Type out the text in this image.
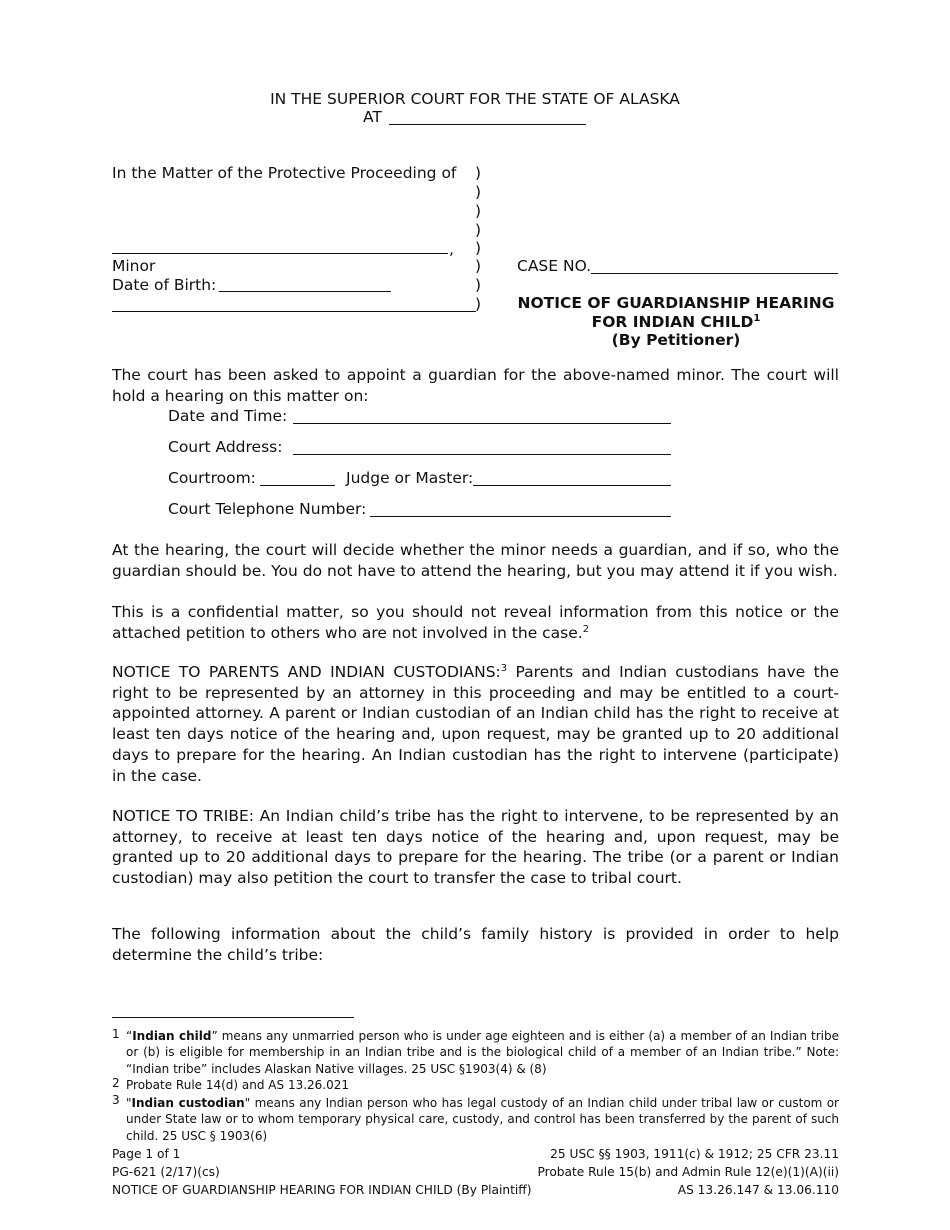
IN THE SUPERIOR COURT FOR THE STATE OF ALASKA
AT
In the Matter of the Protective Proceeding of
,
Minor
Date of Birth:
)
)
)
)
)
)
)
)
CASE NO.
NOTICE OF GUARDIANSHIP HEARING
FOR INDIAN CHILD$^1$
(By Petitioner)
The court has been asked to appoint a guardian for the above-named minor. The court will hold a hearing on this matter on:
Date and Time:
Court Address:
Courtroom:	Judge or Master:
Court Telephone Number:
At the hearing, the court will decide whether the minor needs a guardian, and if so, who the guardian should be. You do not have to attend the hearing, but you may attend it if you wish.
This is a confidential matter, so you should not reveal information from this notice or the attached petition to others who are not involved in the case.$^2$
NOTICE TO PARENTS AND INDIAN CUSTODIANS:$^3$ Parents and Indian custodians have the right to be represented by an attorney in this proceeding and may be entitled to a court-appointed attorney. A parent or Indian custodian of an Indian child has the right to receive at least ten days notice of the hearing and, upon request, may be granted up to 20 additional days to prepare for the hearing. An Indian custodian has the right to intervene (participate) in the case.
NOTICE TO TRIBE: An Indian child’s tribe has the right to intervene, to be represented by an attorney, to receive at least ten days notice of the hearing and, upon request, may be granted up to 20 additional days to prepare for the hearing. The tribe (or a parent or Indian custodian) may also petition the court to transfer the case to tribal court.
The following information about the child’s family history is provided in order to help determine the child’s tribe:
1 “Indian child” means any unmarried person who is under age eighteen and is either (a) a member of an Indian tribe or (b) is eligible for membership in an Indian tribe and is the biological child of a member of an Indian tribe.” Note: “Indian tribe” includes Alaskan Native villages. 25 USC §1903(4) & (8)
2 Probate Rule 14(d) and AS 13.26.021
3 "Indian custodian" means any Indian person who has legal custody of an Indian child under tribal law or custom or under State law or to whom temporary physical care, custody, and control has been transferred by the parent of such child. 25 USC § 1903(6)
Page 1 of 1
PG-621 (2/17)(cs)
NOTICE OF GUARDIANSHIP HEARING FOR INDIAN CHILD (By Plaintiff)
25 USC §§ 1903, 1911(c) & 1912; 25 CFR 23.11
Probate Rule 15(b) and Admin Rule 12(e)(1)(A)(ii)
AS 13.26.147 & 13.06.110
